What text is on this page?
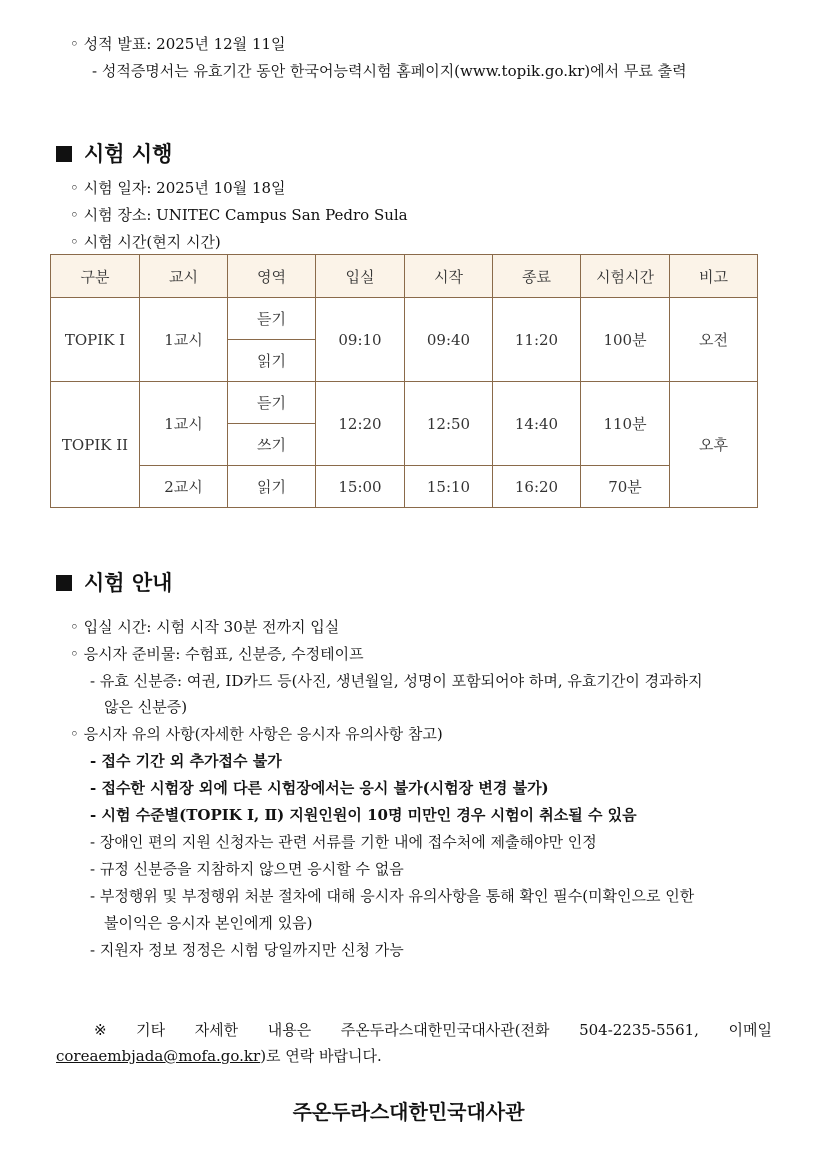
◦ 성적 발표: 2025년 12월 11일
- 성적증명서는 유효기간 동안 한국어능력시험 홈페이지(www.topik.go.kr)에서 무료 출력
시험 시행
◦ 시험 일자: 2025년 10월 18일
◦ 시험 장소: UNITEC Campus San Pedro Sula
◦ 시험 시간(현지 시간)
구분	교시	영역	입실	시작	종료	시험시간	비고
TOPIK I	1교시	듣기	09:10	09:40	11:20	100분	오전
		읽기					
TOPIK II	1교시	듣기	12:20	12:50	14:40	110분	오후
		쓰기					
	2교시	읽기	15:00	15:10	16:20	70분	
시험 안내
◦ 입실 시간: 시험 시작 30분 전까지 입실
◦ 응시자 준비물: 수험표, 신분증, 수정테이프
- 유효 신분증: 여권, ID카드 등(사진, 생년월일, 성명이 포함되어야 하며, 유효기간이 경과하지
않은 신분증)
◦ 응시자 유의 사항(자세한 사항은 응시자 유의사항 참고)
- 접수 기간 외 추가접수 불가
- 접수한 시험장 외에 다른 시험장에서는 응시 불가(시험장 변경 불가)
- 시험 수준별(TOPIK Ⅰ, Ⅱ) 지원인원이 10명 미만인 경우 시험이 취소될 수 있음
- 장애인 편의 지원 신청자는 관련 서류를 기한 내에 접수처에 제출해야만 인정
- 규정 신분증을 지참하지 않으면 응시할 수 없음
- 부정행위 및 부정행위 처분 절차에 대해 응시자 유의사항을 통해 확인 필수(미확인으로 인한
불이익은 응시자 본인에게 있음)
- 지원자 정보 정정은 시험 당일까지만 신청 가능
※ 기타 자세한 내용은 주온두라스대한민국대사관(전화 504-2235-5561, 이메일
coreaembjada@mofa.go.kr)로 연락 바랍니다.
주온두라스대한민국대사관
